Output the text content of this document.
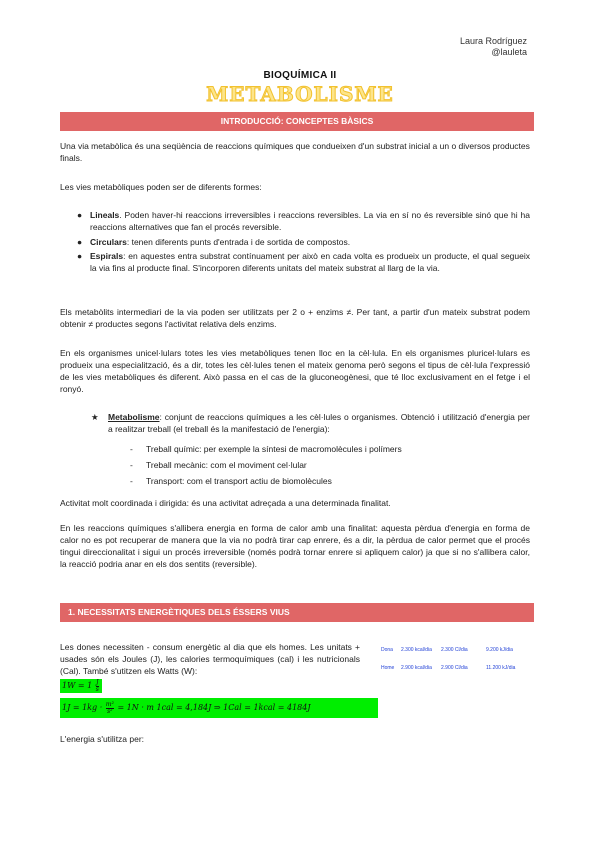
Laura Rodríguez
@lauleta
BIOQUÍMICA II
METABOLISME
INTRODUCCIÓ: CONCEPTES BÀSICS

Una via metabòlica és una seqüència de reaccions químiques que condueixen d'un substrat inicial a un o diversos productes finals.

Les vies metabòliques poden ser de diferents formes:

● Lineals. Poden haver-hi reaccions irreversibles i reaccions reversibles. La via en sí no és reversible sinó que hi ha reaccions alternatives que fan el procés reversible.
● Circulars: tenen diferents punts d'entrada i de sortida de compostos.
● Espirals: en aquestes entra substrat contínuament per això en cada volta es produeix un producte, el qual segueix la via fins al producte final. S'incorporen diferents unitats del mateix substrat al llarg de la via.

Els metabòlits intermediari de la via poden ser utilitzats per 2 o + enzims ≠. Per tant, a partir d'un mateix substrat podem obtenir ≠ productes segons l'activitat relativa dels enzims.

En els organismes unicel·lulars totes les vies metabòliques tenen lloc en la cèl·lula. En els organismes pluricel·lulars es produeix una especialització, és a dir, totes les cèl·lules tenen el mateix genoma però segons el tipus de cèl·lula l'expressió de les vies metabòliques és diferent. Això passa en el cas de la gluconeogènesi, que té lloc exclusivament en el fetge i el ronyó.

★ Metabolisme: conjunt de reaccions químiques a les cèl·lules o organismes. Obtenció i utilització d'energia per a realitzar treball (el treball és la manifestació de l'energia):
- Treball químic: per exemple la síntesi de macromolècules i polímers
- Treball mecànic: com el moviment cel·lular
- Transport: com el transport actiu de biomolècules

Activitat molt coordinada i dirigida: és una activitat adreçada a una determinada finalitat.

En les reaccions químiques s'allibera energia en forma de calor amb una finalitat: aquesta pèrdua d'energia en forma de calor no es pot recuperar de manera que la via no podrà tirar cap enrere, és a dir, la pèrdua de calor permet que el procés tingui direccionalitat i sigui un procés irreversible (només podrà tornar enrere si apliquem calor) ja que si no s'allibera calor, la reacció podria anar en els dos sentits (reversible).

1. NECESSITATS ENERGÈTIQUES DELS ÉSSERS VIUS

Les dones necessiten - consum energètic al dia que els homes. Les unitats + usades són els Joules (J), les calories termoquímiques (cal) i les nutricionals (Cal). També s'utitzen els Watts (W):

$1W = 1 \frac{J}{s}$
$1J = 1kg \cdot \frac{\text{m²}}{\text{s²}} = 1N \cdot m$ 1cal = 4,184J ⇒ 1Cal = 1kcal = 4184J

L'energia s'utilitza per:

Dona 2.300 kcal/dia 2.300 Cl/dia	9.200 kJ/dia
Home 2.900 kcal/dia 2.900 Cl/dia	11.200 kJ/dia
